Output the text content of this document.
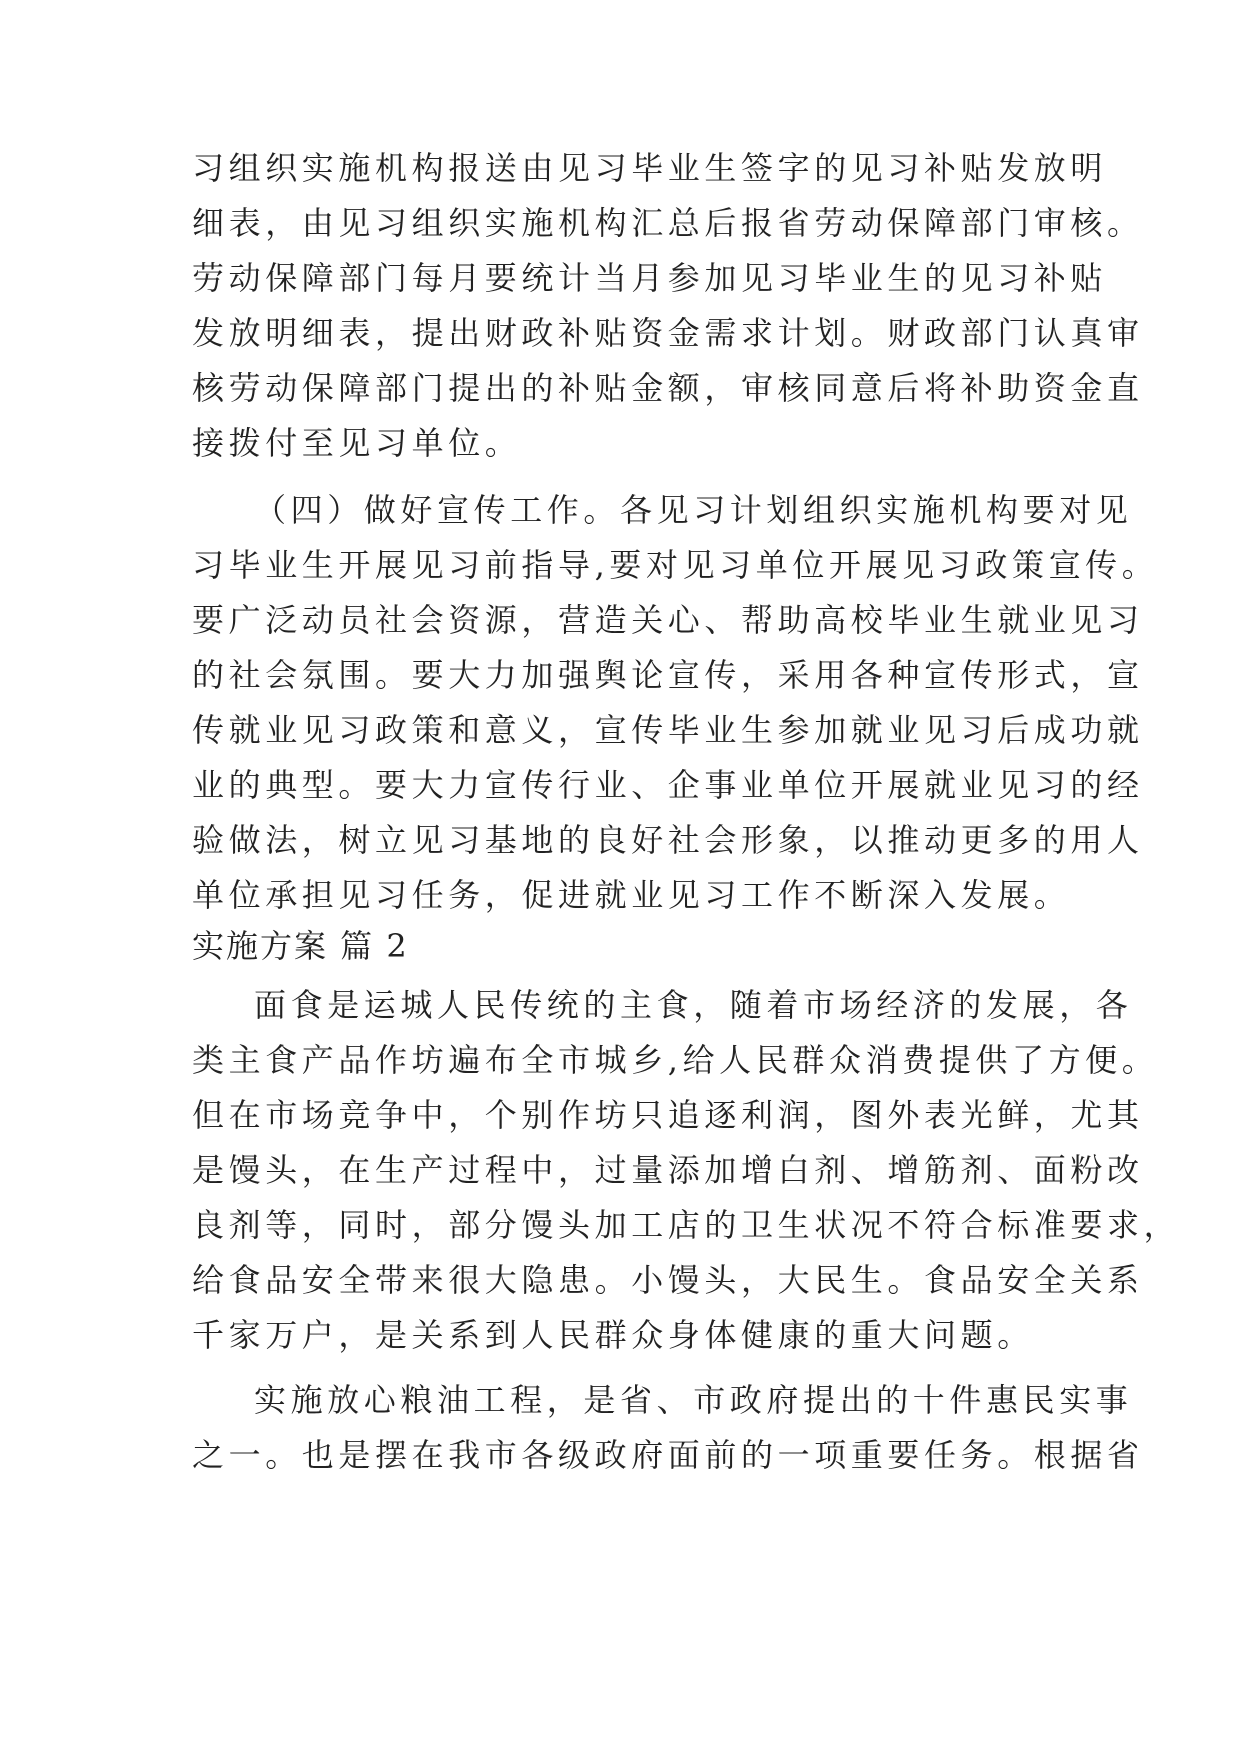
习组织实施机构报送由见习毕业生签字的见习补贴发放明
细表，由见习组织实施机构汇总后报省劳动保障部门审核。
劳动保障部门每月要统计当月参加见习毕业生的见习补贴
发放明细表，提出财政补贴资金需求计划。财政部门认真审
核劳动保障部门提出的补贴金额，审核同意后将补助资金直
接拨付至见习单位。
（四）做好宣传工作。各见习计划组织实施机构要对见
习毕业生开展见习前指导,要对见习单位开展见习政策宣传。
要广泛动员社会资源，营造关心、帮助高校毕业生就业见习
的社会氛围。要大力加强舆论宣传，采用各种宣传形式，宣
传就业见习政策和意义，宣传毕业生参加就业见习后成功就
业的典型。要大力宣传行业、企事业单位开展就业见习的经
验做法，树立见习基地的良好社会形象，以推动更多的用人
单位承担见习任务，促进就业见习工作不断深入发展。
实施方案 篇 2
面食是运城人民传统的主食，随着市场经济的发展，各
类主食产品作坊遍布全市城乡,给人民群众消费提供了方便。
但在市场竞争中，个别作坊只追逐利润，图外表光鲜，尤其
是馒头，在生产过程中，过量添加增白剂、增筋剂、面粉改
良剂等，同时，部分馒头加工店的卫生状况不符合标准要求，
给食品安全带来很大隐患。小馒头，大民生。食品安全关系
千家万户，是关系到人民群众身体健康的重大问题。
实施放心粮油工程，是省、市政府提出的十件惠民实事
之一。也是摆在我市各级政府面前的一项重要任务。根据省
